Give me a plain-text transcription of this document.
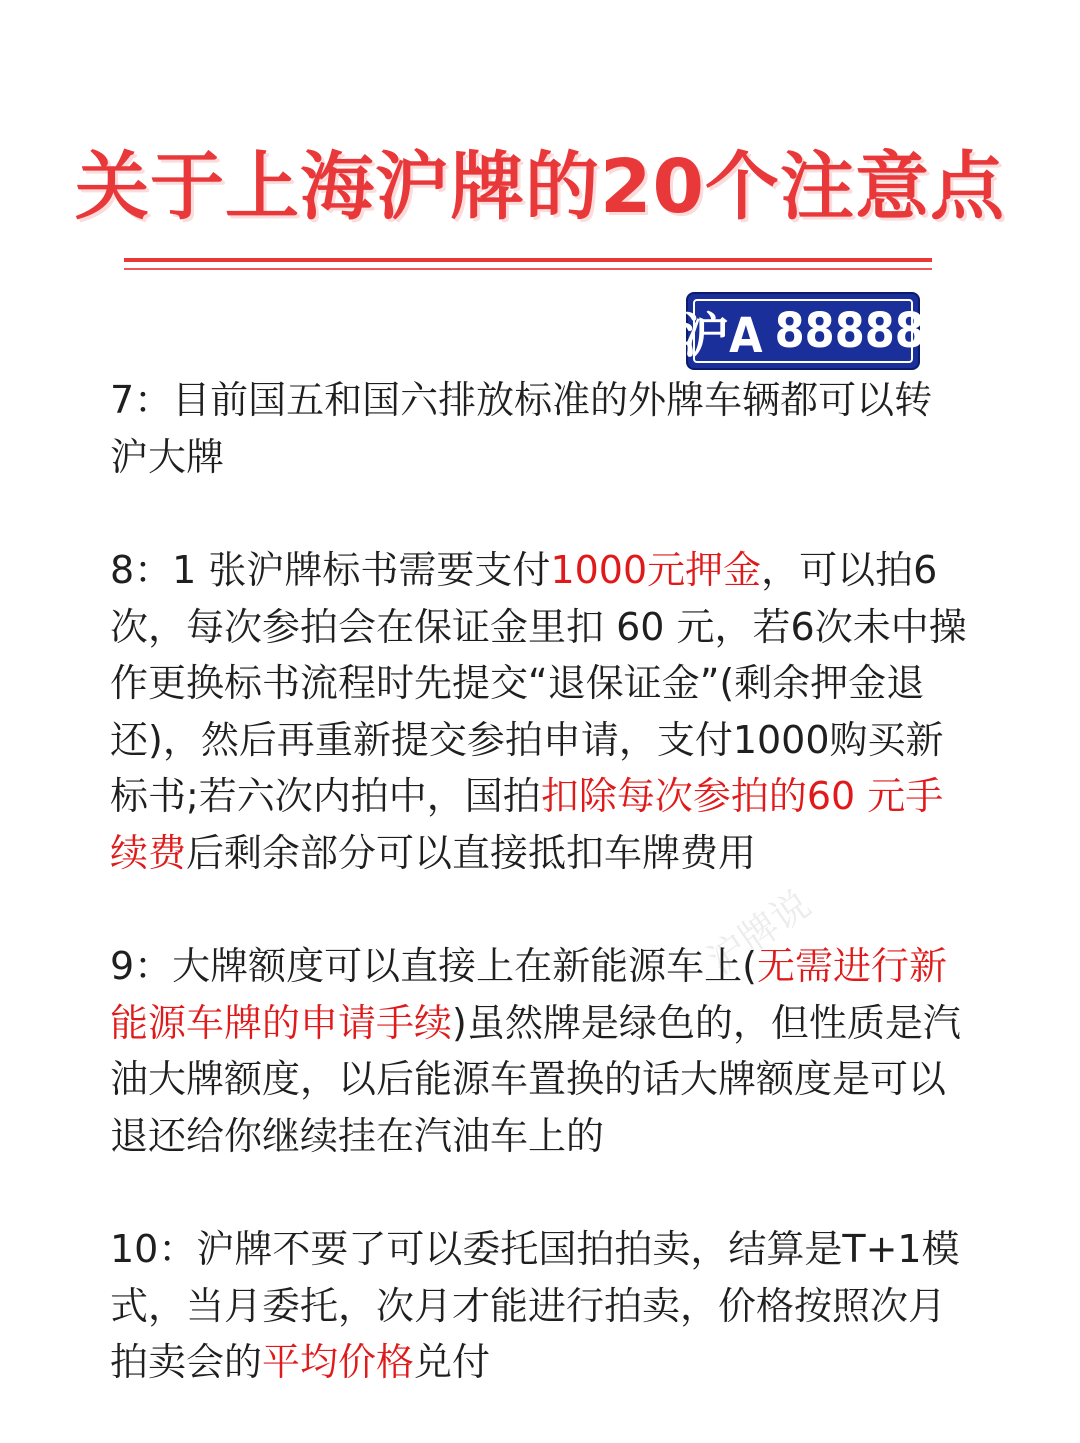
关于上海沪牌的20个注意点
沪A 88888
沪牌说
7：目前国五和国六排放标准的外牌车辆都可以转沪大牌
8：1 张沪牌标书需要支付1000元押金，可以拍6次，每次参拍会在保证金里扣 60 元，若6次未中操作更换标书流程时先提交“退保证金”(剩余押金退还)，然后再重新提交参拍申请，支付1000购买新标书;若六次内拍中，国拍扣除每次参拍的60 元手续费后剩余部分可以直接抵扣车牌费用
9：大牌额度可以直接上在新能源车上(无需进行新能源车牌的申请手续)虽然牌是绿色的，但性质是汽油大牌额度，以后能源车置换的话大牌额度是可以退还给你继续挂在汽油车上的
10：沪牌不要了可以委托国拍拍卖，结算是T+1模式，当月委托，次月才能进行拍卖，价格按照次月拍卖会的平均价格兑付
